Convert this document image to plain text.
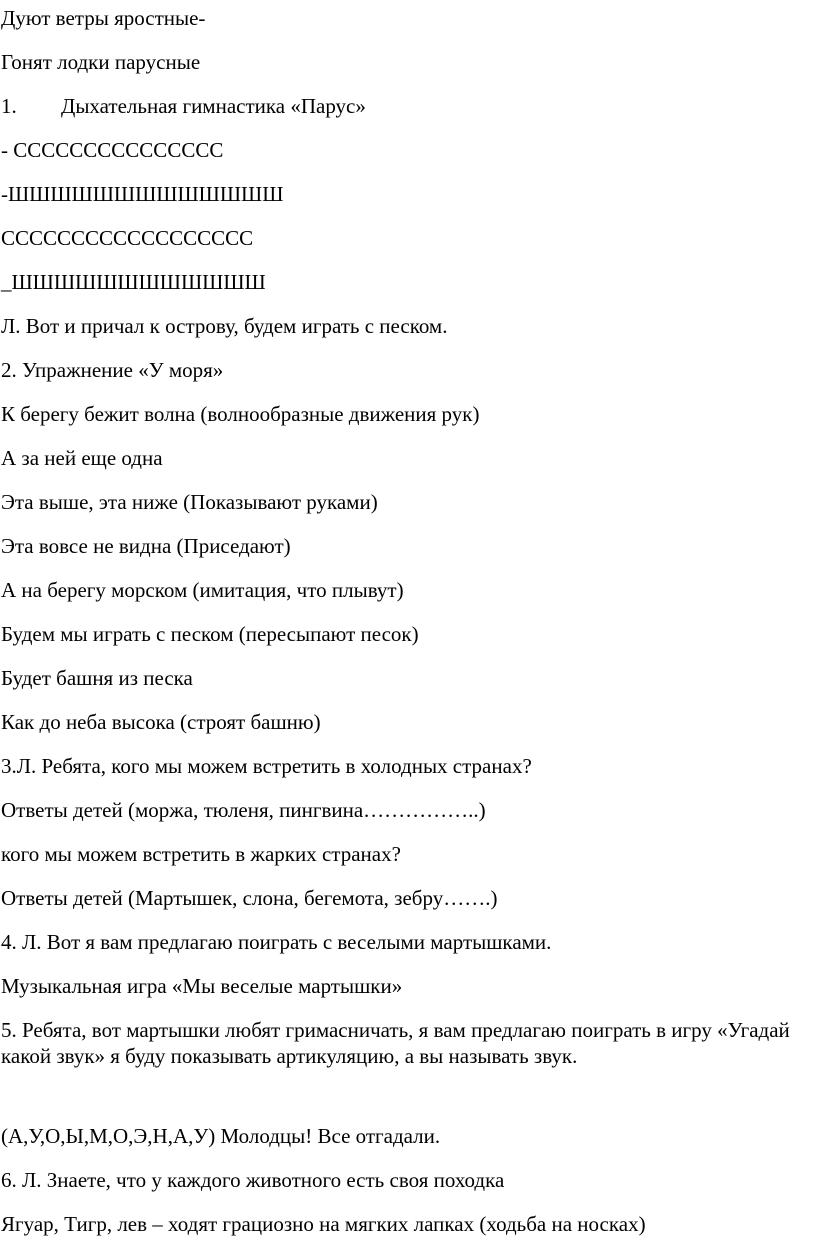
Дуют ветры яростные-

Гонят лодки парусные

1. Дыхательная гимнастика «Парус»

- ССССССССССССССС

-ШШШШШШШШШШШШШ

СССССССССССССССССС

_ШШШШШШШШШШШШ

Л. Вот и причал к острову, будем играть с песком.

2. Упражнение «У моря»

К берегу бежит волна (волнообразные движения рук)

А за ней еще одна

Эта выше, эта ниже (Показывают руками)

Эта вовсе не видна (Приседают)

А на берегу морском (имитация, что плывут)

Будем мы играть с песком (пересыпают песок)

Будет башня из песка

Как до неба высока (строят башню)

3.Л. Ребята, кого мы можем встретить в холодных странах?

Ответы детей (моржа, тюленя, пингвина……………..)

кого мы можем встретить в жарких странах?

Ответы детей (Мартышек, слона, бегемота, зебру…….)

4. Л. Вот я вам предлагаю поиграть с веселыми мартышками.

Музыкальная игра «Мы веселые мартышки»

5. Ребята, вот мартышки любят гримасничать, я вам предлагаю поиграть в игру «Угадай какой звук» я буду показывать артикуляцию, а вы называть звук.

(А,У,О,Ы,М,О,Э,Н,А,У) Молодцы! Все отгадали.

6. Л. Знаете, что у каждого животного есть своя походка

Ягуар, Тигр, лев – ходят грациозно на мягких лапках (ходьба на носках)
